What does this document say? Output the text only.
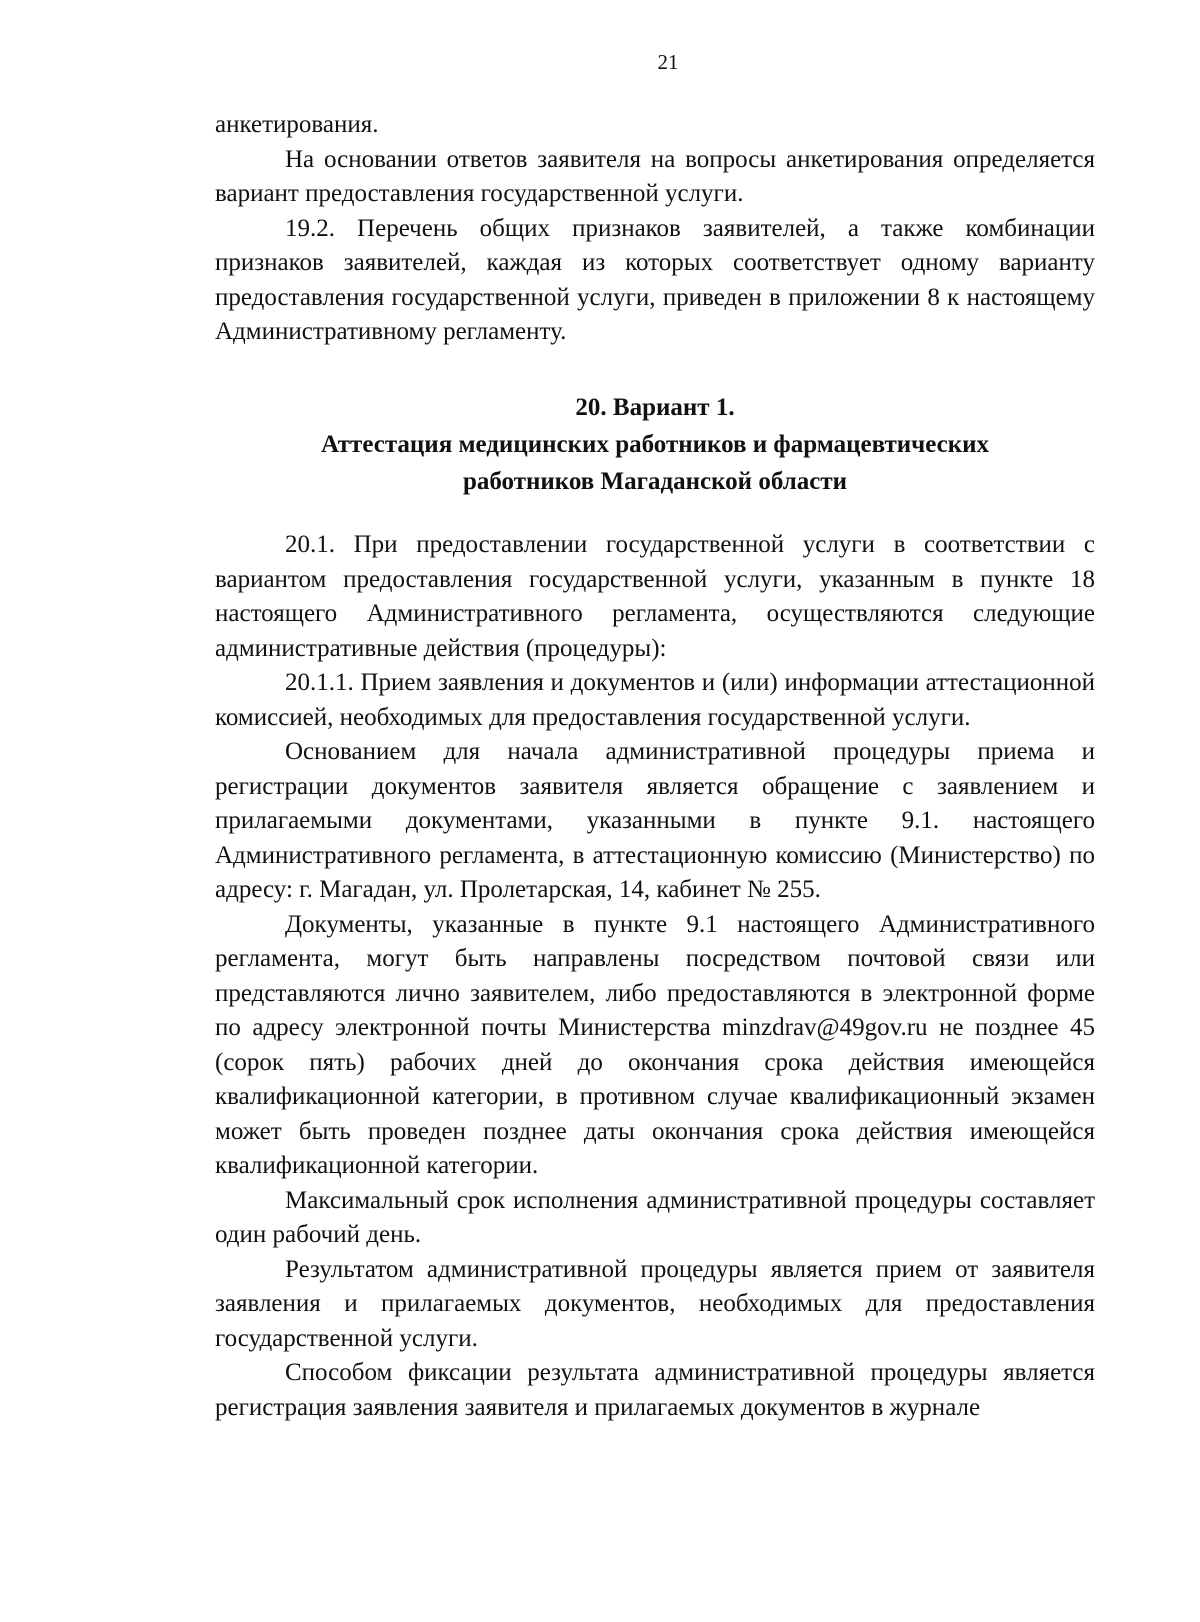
21

анкетирования.

На основании ответов заявителя на вопросы анкетирования определяется вариант предоставления государственной услуги.

19.2. Перечень общих признаков заявителей, а также комбинации признаков заявителей, каждая из которых соответствует одному варианту предоставления государственной услуги, приведен в приложении 8 к настоящему Административному регламенту.

20. Вариант 1.
Аттестация медицинских работников и фармацевтических
работников Магаданской области

20.1. При предоставлении государственной услуги в соответствии с вариантом предоставления государственной услуги, указанным в пункте 18 настоящего Административного регламента, осуществляются следующие административные действия (процедуры):

20.1.1. Прием заявления и документов и (или) информации аттестационной комиссией, необходимых для предоставления государственной услуги.

Основанием для начала административной процедуры приема и регистрации документов заявителя является обращение с заявлением и прилагаемыми документами, указанными в пункте 9.1. настоящего Административного регламента, в аттестационную комиссию (Министерство) по адресу: г. Магадан, ул. Пролетарская, 14, кабинет № 255.

Документы, указанные в пункте 9.1 настоящего Административного регламента, могут быть направлены посредством почтовой связи или представляются лично заявителем, либо предоставляются в электронной форме по адресу электронной почты Министерства minzdrav@49gov.ru не позднее 45 (сорок пять) рабочих дней до окончания срока действия имеющейся квалификационной категории, в противном случае квалификационный экзамен может быть проведен позднее даты окончания срока действия имеющейся квалификационной категории.

Максимальный срок исполнения административной процедуры составляет один рабочий день.

Результатом административной процедуры является прием от заявителя заявления и прилагаемых документов, необходимых для предоставления государственной услуги.

Способом фиксации результата административной процедуры является регистрация заявления заявителя и прилагаемых документов в журнале
